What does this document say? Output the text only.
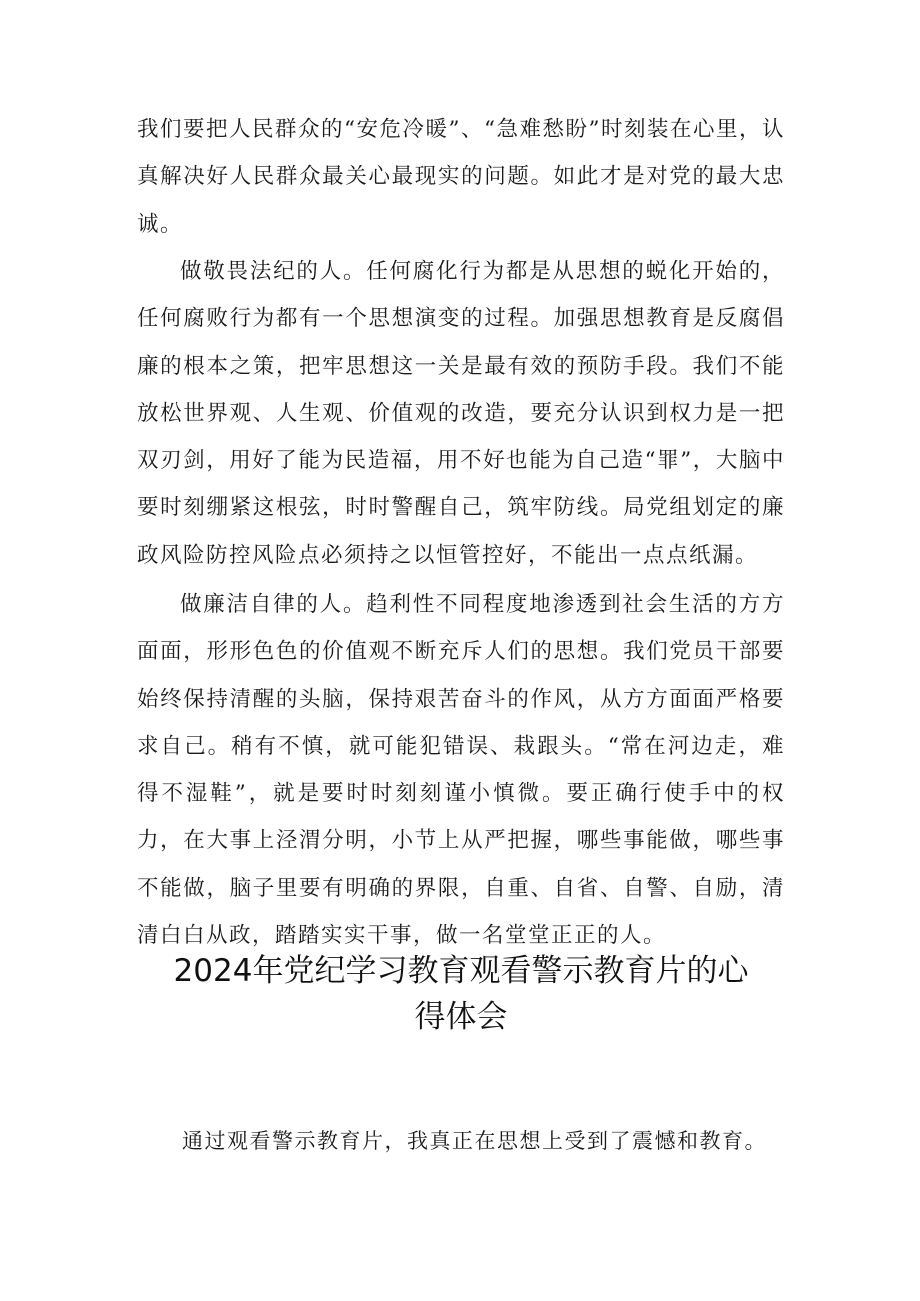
我们要把人民群众的“安危冷暖”、“急难愁盼”时刻装在心里，认真解决好人民群众最关心最现实的问题。如此才是对党的最大忠诚。

做敬畏法纪的人。任何腐化行为都是从思想的蜕化开始的，任何腐败行为都有一个思想演变的过程。加强思想教育是反腐倡廉的根本之策，把牢思想这一关是最有效的预防手段。我们不能放松世界观、人生观、价值观的改造，要充分认识到权力是一把双刃剑，用好了能为民造福，用不好也能为自己造“罪”，大脑中要时刻绷紧这根弦，时时警醒自己，筑牢防线。局党组划定的廉政风险防控风险点必须持之以恒管控好，不能出一点点纸漏。

做廉洁自律的人。趋利性不同程度地渗透到社会生活的方方面面，形形色色的价值观不断充斥人们的思想。我们党员干部要始终保持清醒的头脑，保持艰苦奋斗的作风，从方方面面严格要求自己。稍有不慎，就可能犯错误、栽跟头。“常在河边走，难得不湿鞋”，就是要时时刻刻谨小慎微。要正确行使手中的权力，在大事上泾渭分明，小节上从严把握，哪些事能做，哪些事不能做，脑子里要有明确的界限，自重、自省、自警、自励，清清白白从政，踏踏实实干事，做一名堂堂正正的人。

2024年党纪学习教育观看警示教育片的心
得体会

通过观看警示教育片，我真正在思想上受到了震憾和教育。
